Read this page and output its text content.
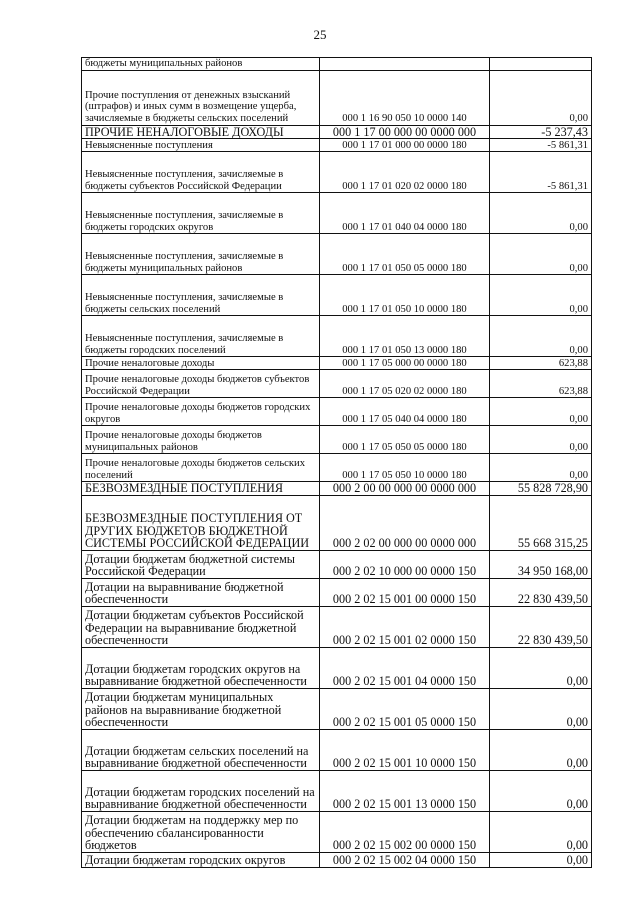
25
бюджеты муниципальных районов		
Прочие поступления от денежных взысканий (штрафов) и иных сумм в возмещение ущерба, зачисляемые в бюджеты сельских поселений	000 1 16 90 050 10 0000 140	0,00
ПРОЧИЕ НЕНАЛОГОВЫЕ ДОХОДЫ	000 1 17 00 000 00 0000 000	-5 237,43
Невыясненные поступления	000 1 17 01 000 00 0000 180	-5 861,31
Невыясненные поступления, зачисляемые в бюджеты субъектов Российской Федерации	000 1 17 01 020 02 0000 180	-5 861,31
Невыясненные поступления, зачисляемые в бюджеты городских округов	000 1 17 01 040 04 0000 180	0,00
Невыясненные поступления, зачисляемые в бюджеты муниципальных районов	000 1 17 01 050 05 0000 180	0,00
Невыясненные поступления, зачисляемые в бюджеты сельских поселений	000 1 17 01 050 10 0000 180	0,00
Невыясненные поступления, зачисляемые в бюджеты городских поселений	000 1 17 01 050 13 0000 180	0,00
Прочие неналоговые доходы	000 1 17 05 000 00 0000 180	623,88
Прочие неналоговые доходы бюджетов субъектов Российской Федерации	000 1 17 05 020 02 0000 180	623,88
Прочие неналоговые доходы бюджетов городских округов	000 1 17 05 040 04 0000 180	0,00
Прочие неналоговые доходы бюджетов муниципальных районов	000 1 17 05 050 05 0000 180	0,00
Прочие неналоговые доходы бюджетов сельских поселений	000 1 17 05 050 10 0000 180	0,00
БЕЗВОЗМЕЗДНЫЕ ПОСТУПЛЕНИЯ	000 2 00 00 000 00 0000 000	55 828 728,90
БЕЗВОЗМЕЗДНЫЕ ПОСТУПЛЕНИЯ ОТ ДРУГИХ БЮДЖЕТОВ БЮДЖЕТНОЙ СИСТЕМЫ РОССИЙСКОЙ ФЕДЕРАЦИИ	000 2 02 00 000 00 0000 000	55 668 315,25
Дотации бюджетам бюджетной системы Российской Федерации	000 2 02 10 000 00 0000 150	34 950 168,00
Дотации на выравнивание бюджетной обеспеченности	000 2 02 15 001 00 0000 150	22 830 439,50
Дотации бюджетам субъектов Российской Федерации на выравнивание бюджетной обеспеченности	000 2 02 15 001 02 0000 150	22 830 439,50
Дотации бюджетам городских округов на выравнивание бюджетной обеспеченности	000 2 02 15 001 04 0000 150	0,00
Дотации бюджетам муниципальных районов на выравнивание бюджетной обеспеченности	000 2 02 15 001 05 0000 150	0,00
Дотации бюджетам сельских поселений на выравнивание бюджетной обеспеченности	000 2 02 15 001 10 0000 150	0,00
Дотации бюджетам городских поселений на выравнивание бюджетной обеспеченности	000 2 02 15 001 13 0000 150	0,00
Дотации бюджетам на поддержку мер по обеспечению сбалансированности бюджетов	000 2 02 15 002 00 0000 150	0,00
Дотации бюджетам городских округов	000 2 02 15 002 04 0000 150	0,00
